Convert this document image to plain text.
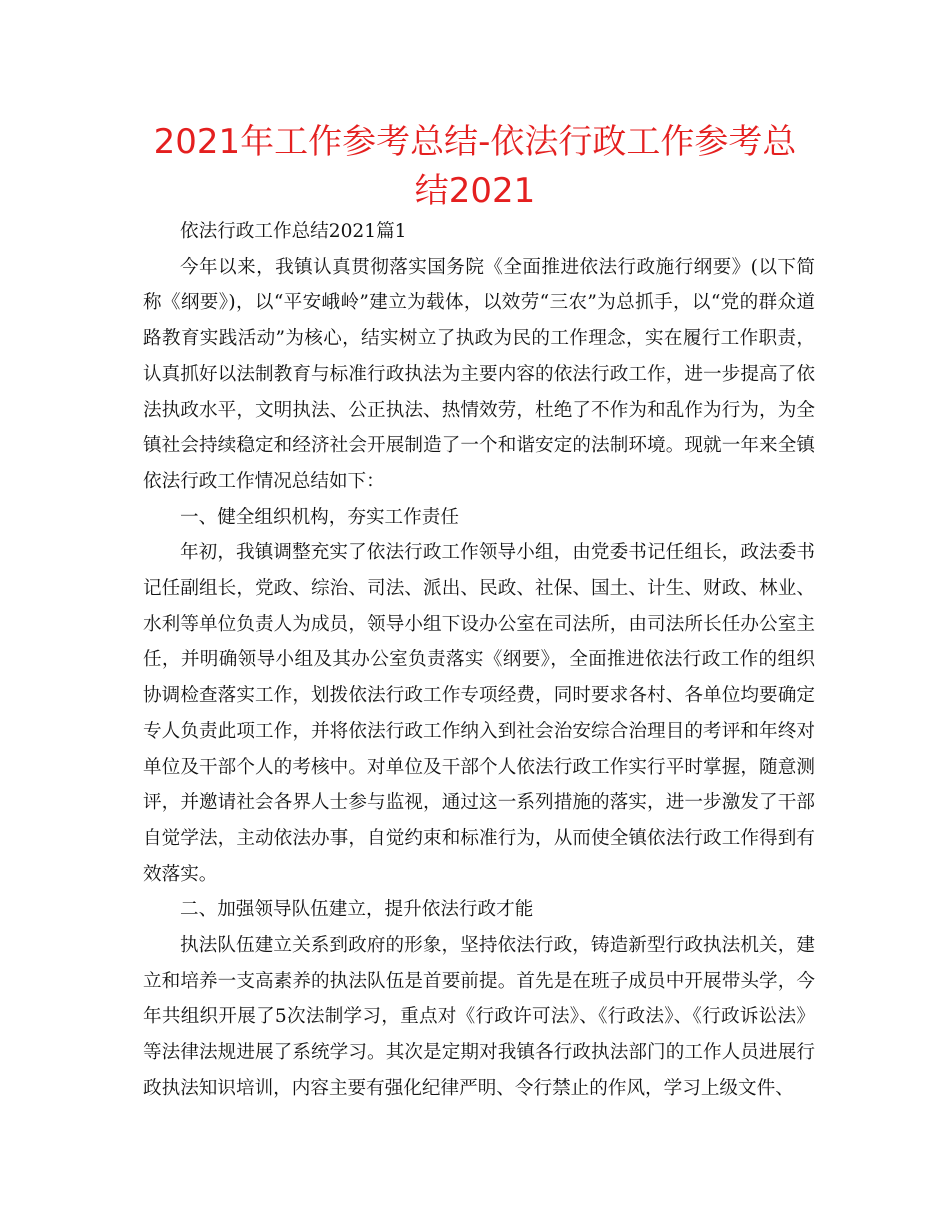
2021年工作参考总结-依法行政工作参考总结2021

依法行政工作总结2021篇1

今年以来，我镇认真贯彻落实国务院《全面推进依法行政施行纲要》(以下简称《纲要》)，以“平安峨岭”建立为载体，以效劳“三农”为总抓手，以“党的群众道路教育实践活动”为核心，结实树立了执政为民的工作理念，实在履行工作职责，认真抓好以法制教育与标准行政执法为主要内容的依法行政工作，进一步提高了依法执政水平，文明执法、公正执法、热情效劳，杜绝了不作为和乱作为行为，为全镇社会持续稳定和经济社会开展制造了一个和谐安定的法制环境。现就一年来全镇依法行政工作情况总结如下：

一、健全组织机构，夯实工作责任

年初，我镇调整充实了依法行政工作领导小组，由党委书记任组长，政法委书记任副组长，党政、综治、司法、派出、民政、社保、国土、计生、财政、林业、水利等单位负责人为成员，领导小组下设办公室在司法所，由司法所长任办公室主任，并明确领导小组及其办公室负责落实《纲要》，全面推进依法行政工作的组织协调检查落实工作，划拨依法行政工作专项经费，同时要求各村、各单位均要确定专人负责此项工作，并将依法行政工作纳入到社会治安综合治理目的考评和年终对单位及干部个人的考核中。对单位及干部个人依法行政工作实行平时掌握，随意测评，并邀请社会各界人士参与监视，通过这一系列措施的落实，进一步激发了干部自觉学法，主动依法办事，自觉约束和标准行为，从而使全镇依法行政工作得到有效落实。

二、加强领导队伍建立，提升依法行政才能

执法队伍建立关系到政府的形象，坚持依法行政，铸造新型行政执法机关，建立和培养一支高素养的执法队伍是首要前提。首先是在班子成员中开展带头学，今年共组织开展了5次法制学习，重点对《行政许可法》、《行政法》、《行政诉讼法》等法律法规进展了系统学习。其次是定期对我镇各行政执法部门的工作人员进展行政执法知识培训，内容主要有强化纪律严明、令行禁止的作风，学习上级文件、
